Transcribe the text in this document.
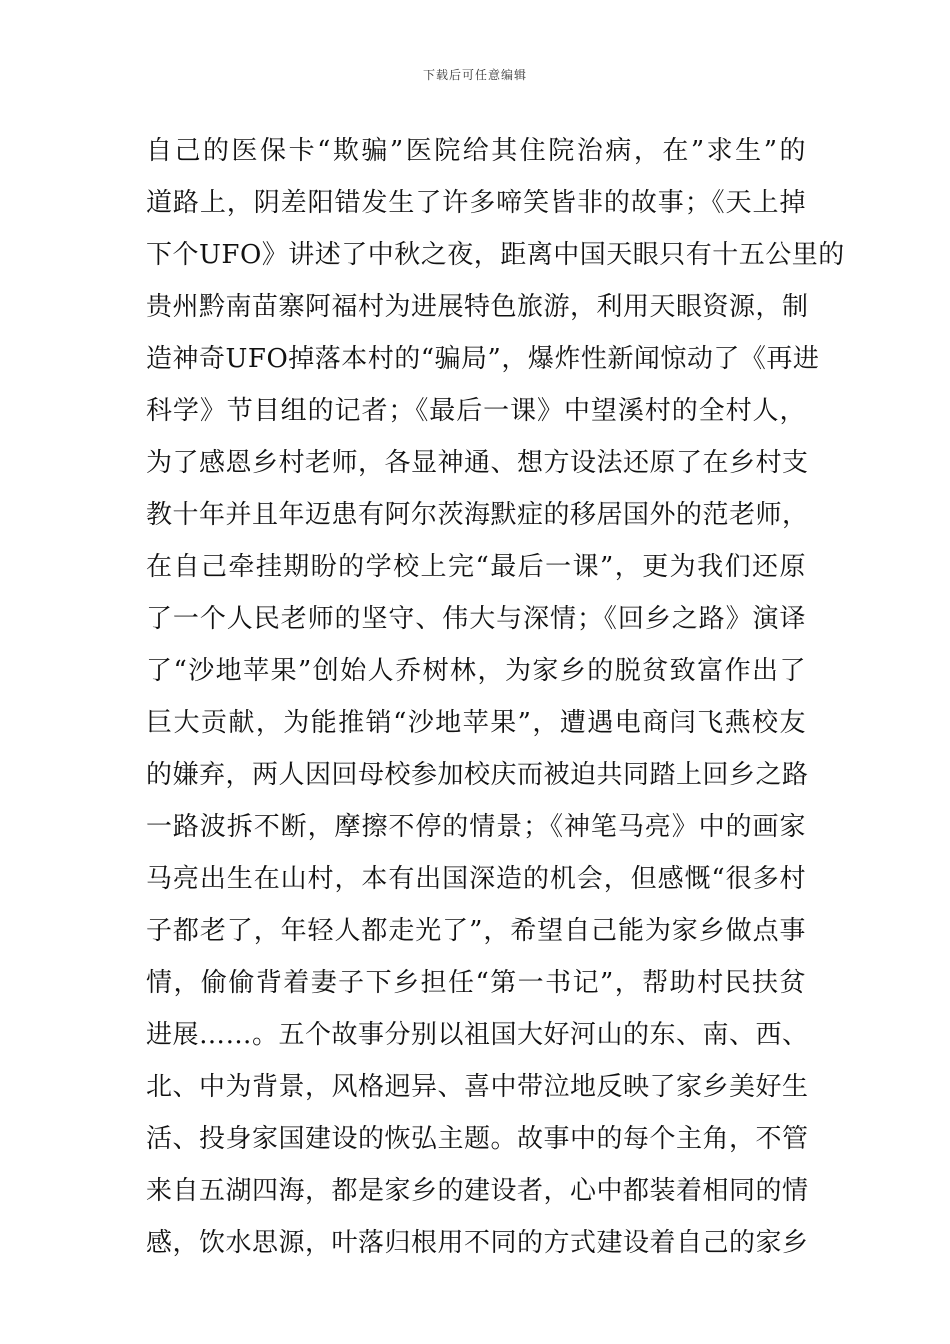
下载后可任意编辑
自己的医保卡“欺骗”医院给其住院治病，在”求生”的
道路上，阴差阳错发生了许多啼笑皆非的故事；《天上掉
下个UFO》讲述了中秋之夜，距离中国天眼只有十五公里的
贵州黔南苗寨阿福村为进展特色旅游，利用天眼资源，制
造神奇UFO掉落本村的“骗局”，爆炸性新闻惊动了《再进
科学》节目组的记者；《最后一课》中望溪村的全村人，
为了感恩乡村老师，各显神通、想方设法还原了在乡村支
教十年并且年迈患有阿尔茨海默症的移居国外的范老师，
在自己牵挂期盼的学校上完“最后一课”，更为我们还原
了一个人民老师的坚守、伟大与深情；《回乡之路》演译
了“沙地苹果”创始人乔树林，为家乡的脱贫致富作出了
巨大贡献，为能推销“沙地苹果”，遭遇电商闫飞燕校友
的嫌弃，两人因回母校参加校庆而被迫共同踏上回乡之路
一路波拆不断，摩擦不停的情景；《神笔马亮》中的画家
马亮出生在山村，本有出国深造的机会，但感慨“很多村
子都老了，年轻人都走光了”，希望自己能为家乡做点事
情，偷偷背着妻子下乡担任“第一书记”，帮助村民扶贫
进展……。五个故事分别以祖国大好河山的东、南、西、
北、中为背景，风格迥异、喜中带泣地反映了家乡美好生
活、投身家国建设的恢弘主题。故事中的每个主角，不管
来自五湖四海，都是家乡的建设者，心中都装着相同的情
感，饮水思源，叶落归根用不同的方式建设着自己的家乡
